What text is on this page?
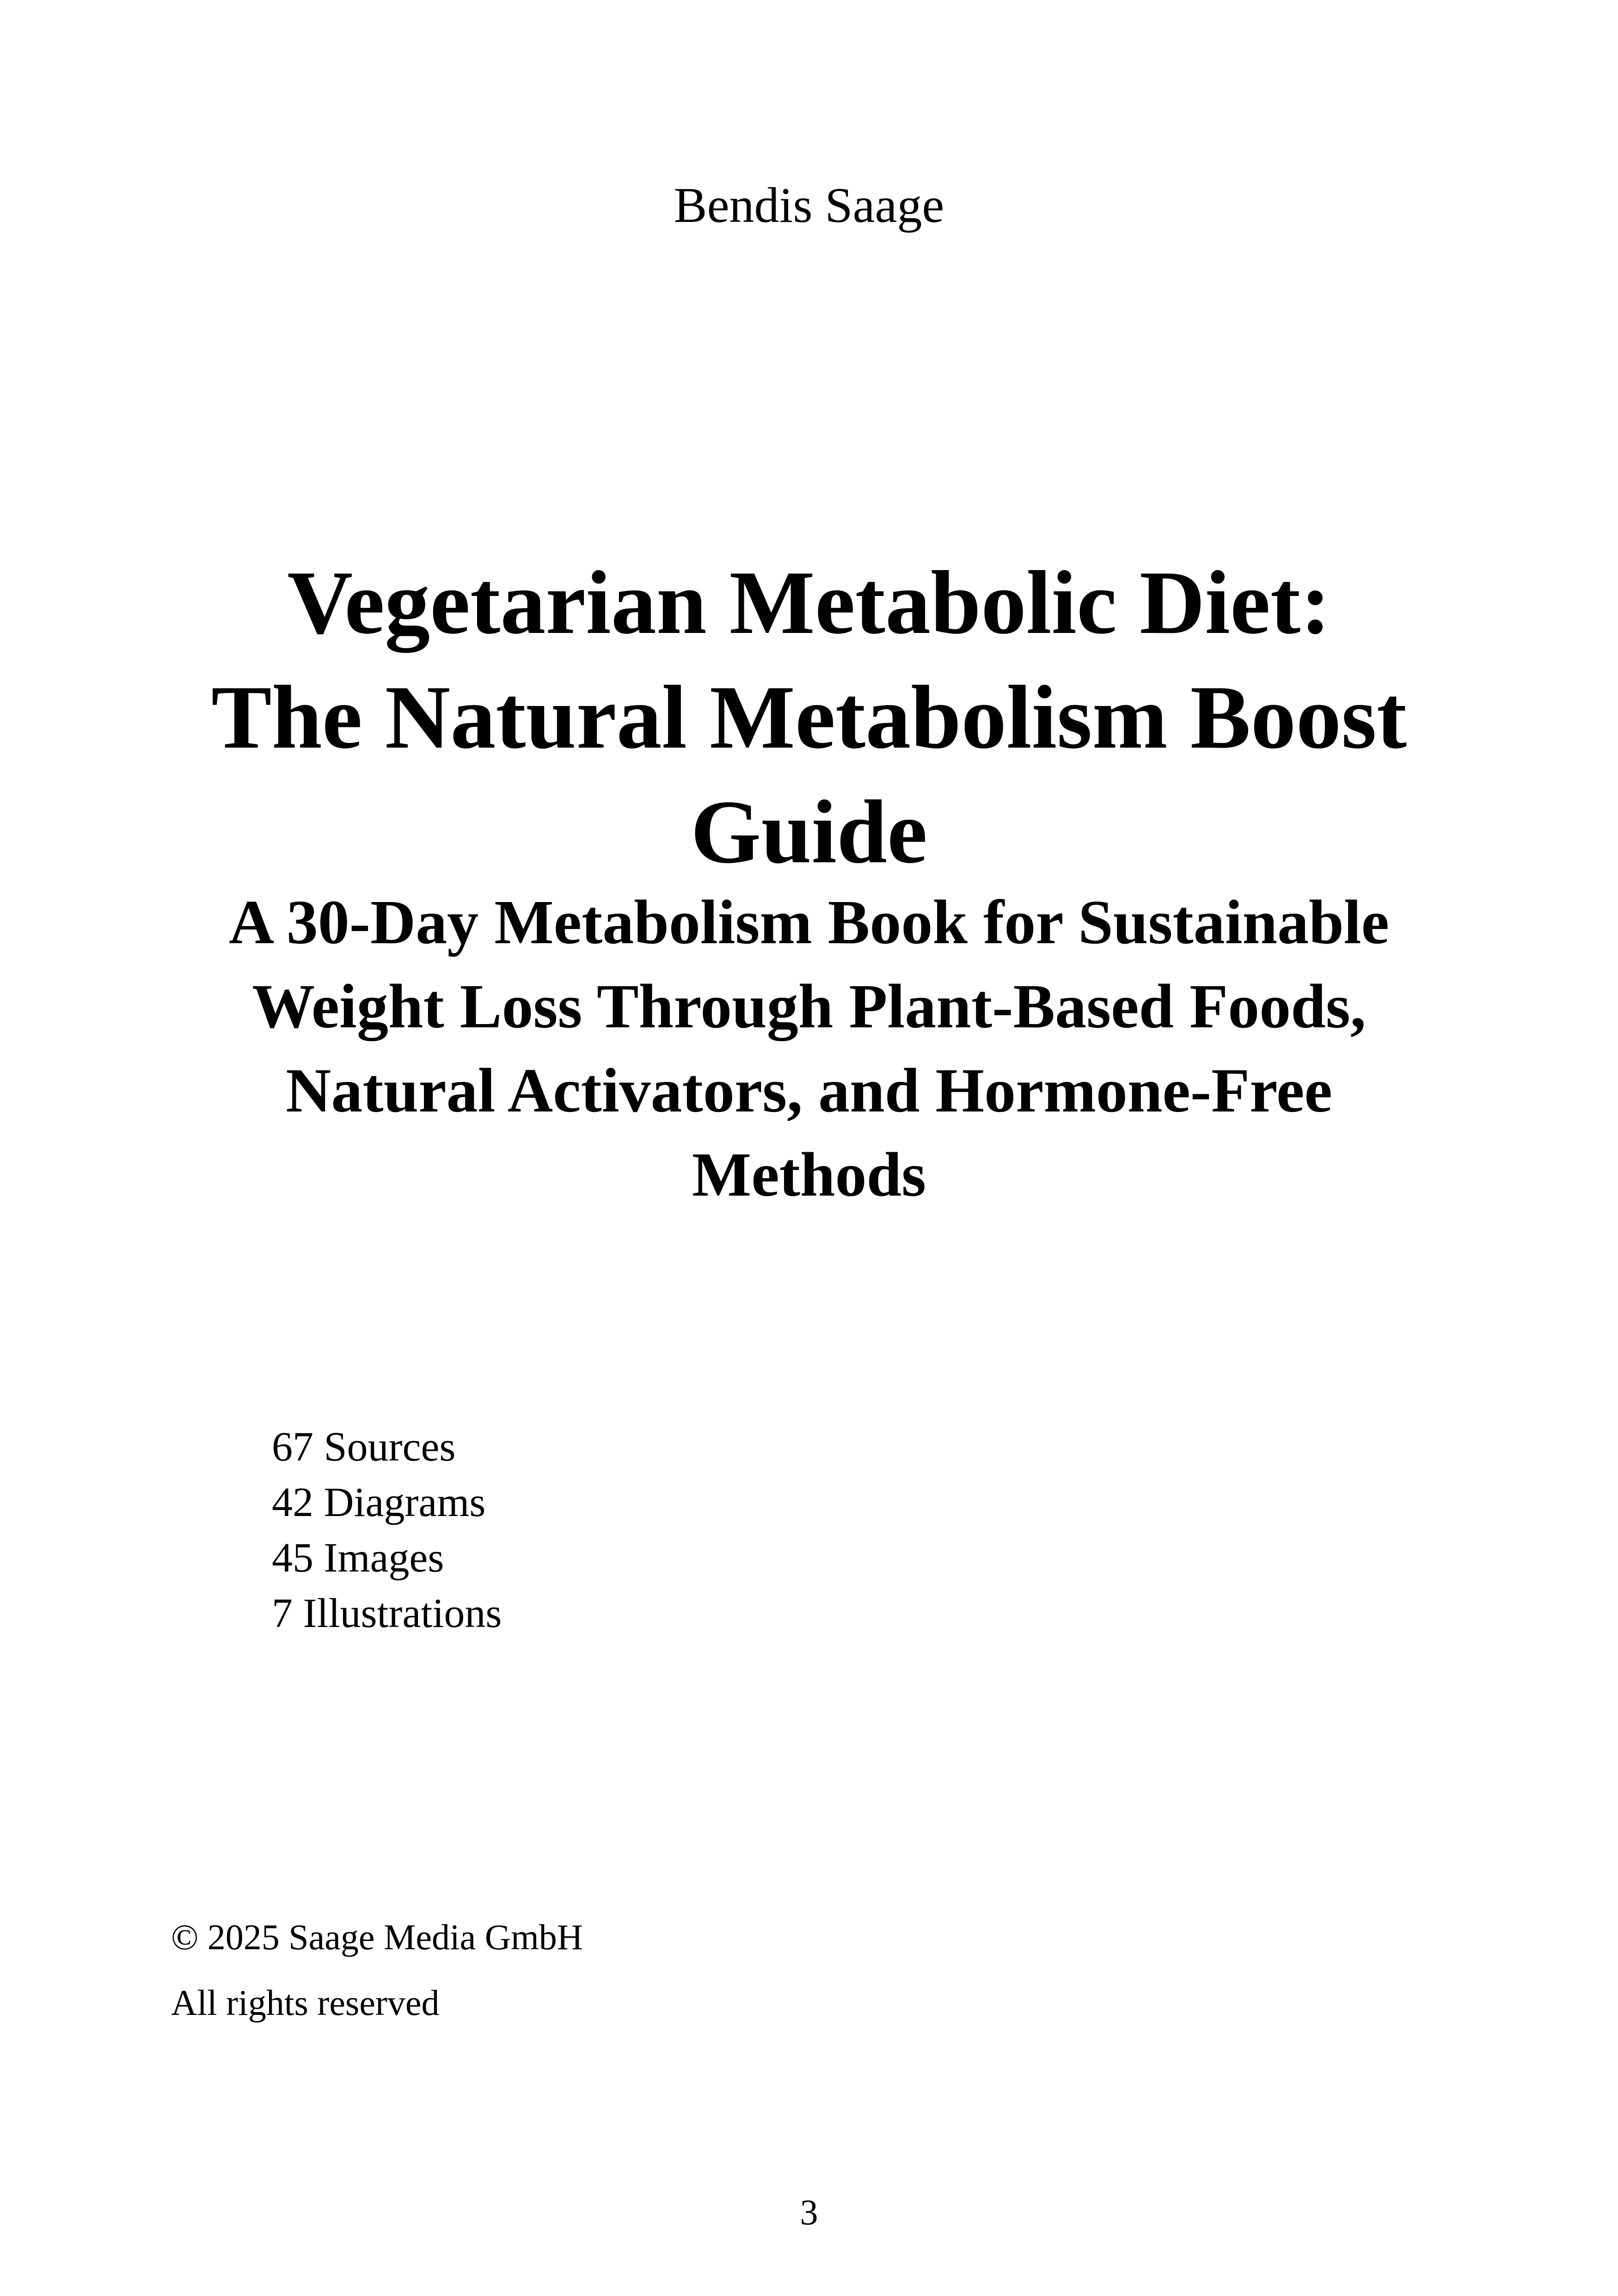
Bendis Saage
Vegetarian Metabolic Diet:
The Natural Metabolism Boost
Guide
A 30-Day Metabolism Book for Sustainable
Weight Loss Through Plant-Based Foods,
Natural Activators, and Hormone-Free
Methods
67 Sources
42 Diagrams
45 Images
7 Illustrations
© 2025 Saage Media GmbH
All rights reserved
3
